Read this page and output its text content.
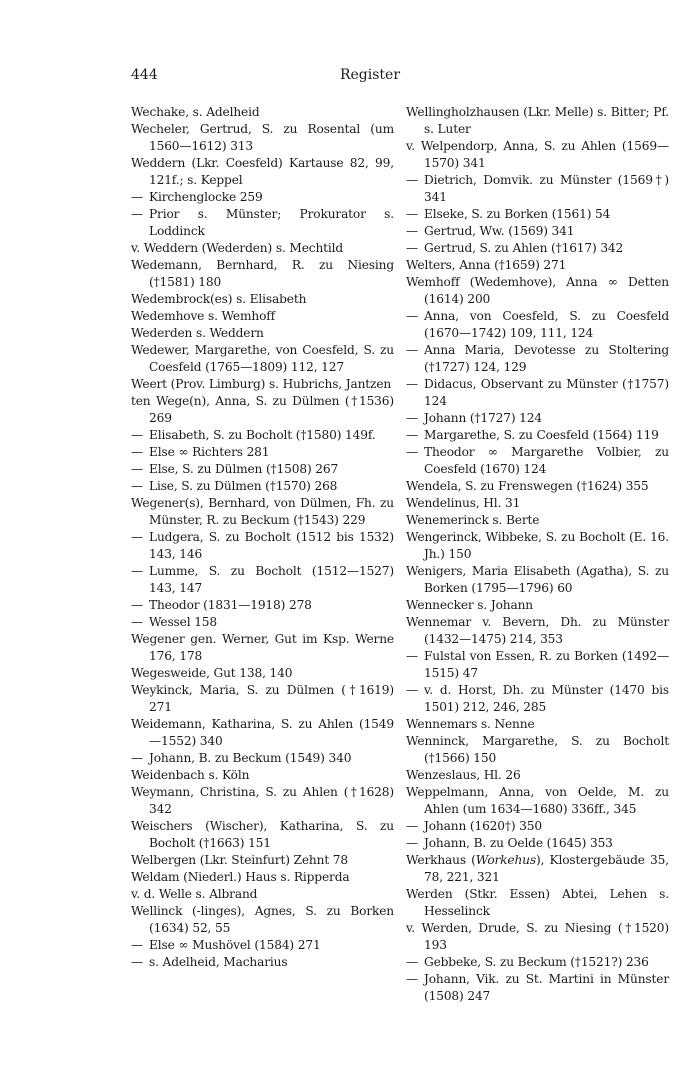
444	Register
Wechake, s. Adelheid
Wecheler, Gertrud, S. zu Rosental (um 1560—1612) 313
Weddern (Lkr. Coesfeld) Kartause 82, 99, 121f.; s. Keppel
— Kirchenglocke 259
— Prior s. Münster; Prokurator s. Loddinck
v. Weddern (Wederden) s. Mechtild
Wedemann, Bernhard, R. zu Niesing (†1581) 180
Wedembrock(es) s. Elisabeth
Wedemhove s. Wemhoff
Wederden s. Weddern
Wedewer, Margarethe, von Coesfeld, S. zu Coesfeld (1765—1809) 112, 127
Weert (Prov. Limburg) s. Hubrichs, Jantzen
ten Wege(n), Anna, S. zu Dülmen (†1536) 269
— Elisabeth, S. zu Bocholt (†1580) 149f.
— Else ∞ Richters 281
— Else, S. zu Dülmen (†1508) 267
— Lise, S. zu Dülmen (†1570) 268
Wegener(s), Bernhard, von Dülmen, Fh. zu Münster, R. zu Beckum (†1543) 229
— Ludgera, S. zu Bocholt (1512 bis 1532) 143, 146
— Lumme, S. zu Bocholt (1512—1527) 143, 147
— Theodor (1831—1918) 278
— Wessel 158
Wegener gen. Werner, Gut im Ksp. Werne 176, 178
Wegesweide, Gut 138, 140
Weykinck, Maria, S. zu Dülmen (†1619) 271
Weidemann, Katharina, S. zu Ahlen (1549—1552) 340
— Johann, B. zu Beckum (1549) 340
Weidenbach s. Köln
Weymann, Christina, S. zu Ahlen (†1628) 342
Weischers (Wischer), Katharina, S. zu Bocholt (†1663) 151
Welbergen (Lkr. Steinfurt) Zehnt 78
Weldam (Niederl.) Haus s. Ripperda
v. d. Welle s. Albrand
Wellinck (-linges), Agnes, S. zu Borken (1634) 52, 55
— Else ∞ Mushövel (1584) 271
— s. Adelheid, Macharius
Wellingholzhausen (Lkr. Melle) s. Bitter; Pf. s. Luter
v. Welpendorp, Anna, S. zu Ahlen (1569—1570) 341
— Dietrich, Domvik. zu Münster (1569†) 341
— Elseke, S. zu Borken (1561) 54
— Gertrud, Ww. (1569) 341
— Gertrud, S. zu Ahlen (†1617) 342
Welters, Anna (†1659) 271
Wemhoff (Wedemhove), Anna ∞ Detten (1614) 200
— Anna, von Coesfeld, S. zu Coesfeld (1670—1742) 109, 111, 124
— Anna Maria, Devotesse zu Stoltering (†1727) 124, 129
— Didacus, Observant zu Münster (†1757) 124
— Johann (†1727) 124
— Margarethe, S. zu Coesfeld (1564) 119
— Theodor ∞ Margarethe Volbier, zu Coesfeld (1670) 124
Wendela, S. zu Frenswegen (†1624) 355
Wendelinus, Hl. 31
Wenemerinck s. Berte
Wengerinck, Wibbeke, S. zu Bocholt (E. 16. Jh.) 150
Wenigers, Maria Elisabeth (Agatha), S. zu Borken (1795—1796) 60
Wennecker s. Johann
Wennemar v. Bevern, Dh. zu Münster (1432—1475) 214, 353
— Fulstal von Essen, R. zu Borken (1492—1515) 47
— v. d. Horst, Dh. zu Münster (1470 bis 1501) 212, 246, 285
Wennemars s. Nenne
Wenninck, Margarethe, S. zu Bocholt (†1566) 150
Wenzeslaus, Hl. 26
Weppelmann, Anna, von Oelde, M. zu Ahlen (um 1634—1680) 336ff., 345
— Johann (1620†) 350
— Johann, B. zu Oelde (1645) 353
Werkhaus (Workehus), Klostergebäude 35, 78, 221, 321
Werden (Stkr. Essen) Abtei, Lehen s. Hesselinck
v. Werden, Drude, S. zu Niesing (†1520) 193
— Gebbeke, S. zu Beckum (†1521?) 236
— Johann, Vik. zu St. Martini in Münster (1508) 247
